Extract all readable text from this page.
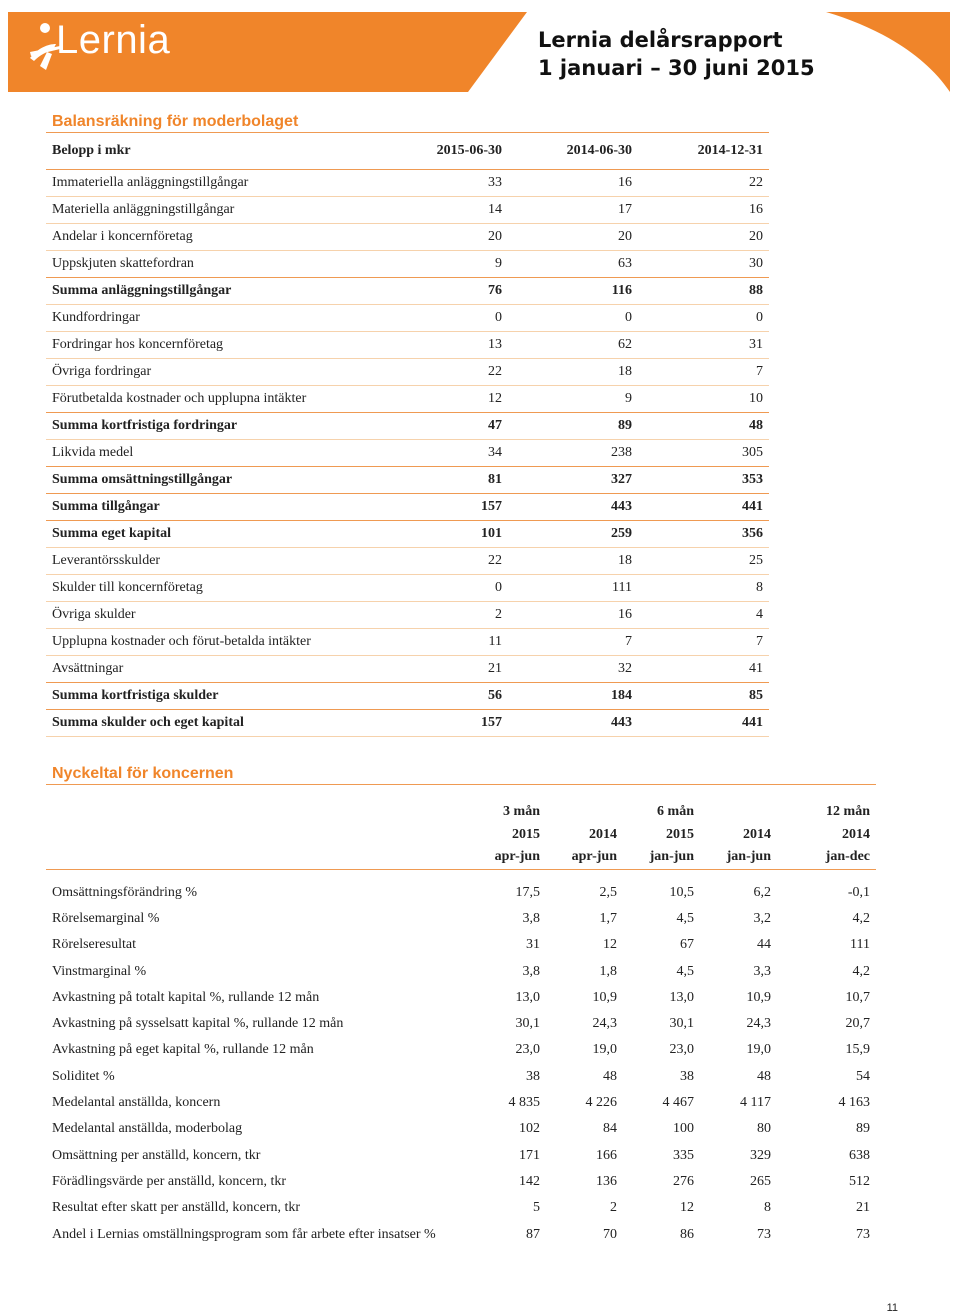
Lernia	Lernia delårsrapport
1 januari – 30 juni 2015
Balansräkning för moderbolaget
Belopp i mkr	2015-06-30	2014-06-30	2014-12-31
Immateriella anläggningstillgångar	33	16	22
Materiella anläggningstillgångar	14	17	16
Andelar i koncernföretag	20	20	20
Uppskjuten skattefordran	9	63	30
Summa anläggningstillgångar	76	116	88
Kundfordringar	0	0	0
Fordringar hos koncernföretag	13	62	31
Övriga fordringar	22	18	7
Förutbetalda kostnader och upplupna intäkter	12	9	10
Summa kortfristiga fordringar	47	89	48
Likvida medel	34	238	305
Summa omsättningstillgångar	81	327	353
Summa tillgångar	157	443	441
Summa eget kapital	101	259	356
Leverantörsskulder	22	18	25
Skulder till koncernföretag	0	111	8
Övriga skulder	2	16	4
Upplupna kostnader och förut-betalda intäkter	11	7	7
Avsättningar	21	32	41
Summa kortfristiga skulder	56	184	85
Summa skulder och eget kapital	157	443	441
Nyckeltal för koncernen
	3 mån		6 mån		12 mån
	2015	2014	2015	2014	2014
	apr-jun	apr-jun	jan-jun	jan-jun	jan-dec

Omsättningsförändring %	17,5	2,5	10,5	6,2	-0,1
Rörelsemarginal %	3,8	1,7	4,5	3,2	4,2
Rörelseresultat	31	12	67	44	111
Vinstmarginal %	3,8	1,8	4,5	3,3	4,2
Avkastning på totalt kapital %, rullande 12 mån	13,0	10,9	13,0	10,9	10,7
Avkastning på sysselsatt kapital %, rullande 12 mån	30,1	24,3	30,1	24,3	20,7
Avkastning på eget kapital %, rullande 12 mån	23,0	19,0	23,0	19,0	15,9
Soliditet %	38	48	38	48	54
Medelantal anställda, koncern	4 835	4 226	4 467	4 117	4 163
Medelantal anställda, moderbolag	102	84	100	80	89
Omsättning per anställd, koncern, tkr	171	166	335	329	638
Förädlingsvärde per anställd, koncern, tkr	142	136	276	265	512
Resultat efter skatt per anställd, koncern, tkr	5	2	12	8	21
Andel i Lernias omställningsprogram som får arbete efter insatser %	87	70	86	73	73
11
